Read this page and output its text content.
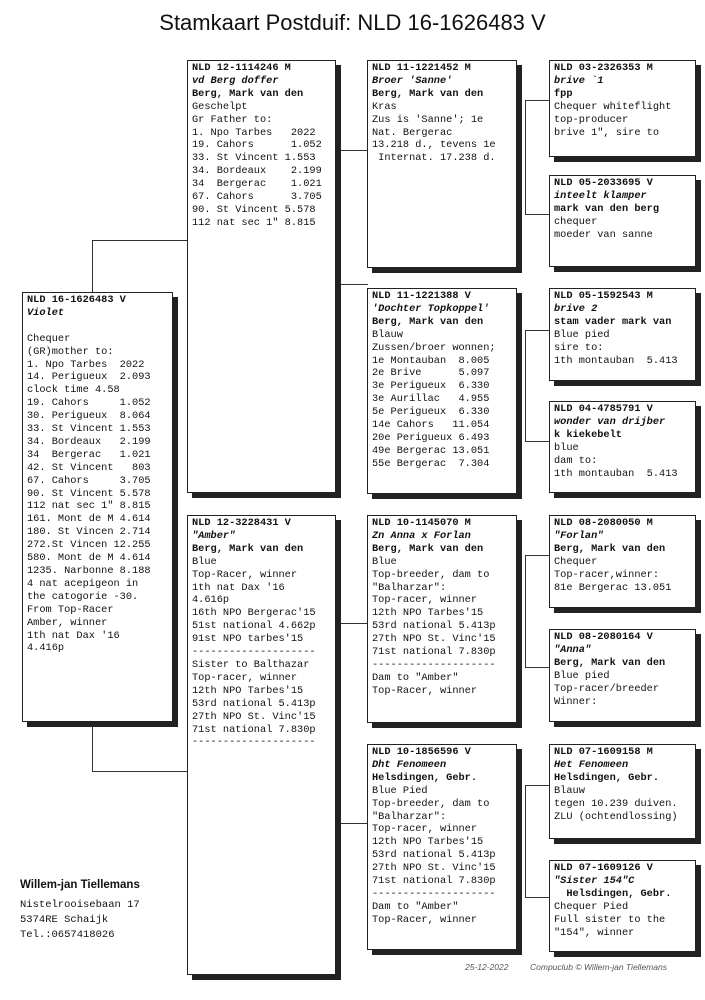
Stamkaart Postduif: NLD 16-1626483 V
NLD 16-1626483 V
Violet
Chequer
(GR)mother to:
1. Npo Tarbes  2022
14. Perigueux  2.093
clock time 4.58
19. Cahors     1.052
30. Perigueux  8.064
33. St Vincent 1.553
34. Bordeaux   2.199
34  Bergerac   1.021
42. St Vincent   803
67. Cahors     3.705
90. St Vincent 5.578
112 nat sec 1" 8.815
161. Mont de M 4.614
180. St Vincen 2.714
272.St Vincen 12.255
580. Mont de M 4.614
1235. Narbonne 8.188
4 nat acepigeon in
the catogorie -30.
From Top-Racer
Amber, winner
1th nat Dax '16
4.416p
NLD 12-1114246 M
vd Berg doffer
Berg, Mark van den
Geschelpt
Gr Father to:
1. Npo Tarbes   2022
19. Cahors      1.052
33. St Vincent 1.553
34. Bordeaux    2.199
34  Bergerac    1.021
67. Cahors      3.705
90. St Vincent 5.578
112 nat sec 1" 8.815
NLD 12-3228431 V
"Amber"
Berg, Mark van den
Blue
Top-Racer, winner
1th nat Dax '16
4.616p
16th NPO Bergerac'15
51st national 4.662p
91st NPO tarbes'15
--------------------
Sister to Balthazar
Top-racer, winner
12th NPO Tarbes'15
53rd national 5.413p
27th NPO St. Vinc'15
71st national 7.830p
--------------------
NLD 11-1221452 M
Broer 'Sanne'
Berg, Mark van den
Kras
Zus is 'Sanne'; 1e
Nat. Bergerac
13.218 d., tevens 1e
Internat. 17.238 d.
NLD 11-1221388 V
'Dochter Topkoppel'
Berg, Mark van den
Blauw
Zussen/broer wonnen;
1e Montauban  8.005
2e Brive      5.097
3e Perigueux  6.330
3e Aurillac   4.955
5e Perigueux  6.330
14e Cahors   11.054
20e Perigueux 6.493
49e Bergerac 13.051
55e Bergerac  7.304
NLD 10-1145070 M
Zn Anna x Forlan
Berg, Mark van den
Blue
Top-breeder, dam to
"Balharzar":
Top-racer, winner
12th NPO Tarbes'15
53rd national 5.413p
27th NPO St. Vinc'15
71st national 7.830p
--------------------
Dam to "Amber"
Top-Racer, winner
NLD 10-1856596 V
Dht Fenomeen
Helsdingen, Gebr.
Blue Pied
Top-breeder, dam to
"Balharzar":
Top-racer, winner
12th NPO Tarbes'15
53rd national 5.413p
27th NPO St. Vinc'15
71st national 7.830p
--------------------
Dam to "Amber"
Top-Racer, winner
NLD 03-2326353 M
brive `1
fpp
Chequer whiteflight
top-producer
brive 1", sire to
NLD 05-2033695 V
inteelt klamper
mark van den berg
chequer
moeder van sanne
NLD 05-1592543 M
brive 2
stam vader mark van
Blue pied
sire to:
1th montauban  5.413
NLD 04-4785791 V
wonder van drijber
k kiekebelt
blue
dam to:
1th montauban  5.413
NLD 08-2080050 M
"Forlan"
Berg, Mark van den
Chequer
Top-racer,winner:
81e Bergerac 13.051
NLD 08-2080164 V
"Anna"
Berg, Mark van den
Blue pied
Top-racer/breeder
Winner:
NLD 07-1609158 M
Het Fenomeen
Helsdingen, Gebr.
Blauw
tegen 10.239 duiven.
ZLU (ochtendlossing)
NLD 07-1609126 V
"Sister 154"C
Helsdingen, Gebr.
Chequer Pied
Full sister to the
"154", winner
Willem-jan Tiellemans
Nistelrooisebaan 17
5374RE Schaijk
Tel.:0657418026
25-12-2022	Compuclub © Willem-jan Tiellemans
